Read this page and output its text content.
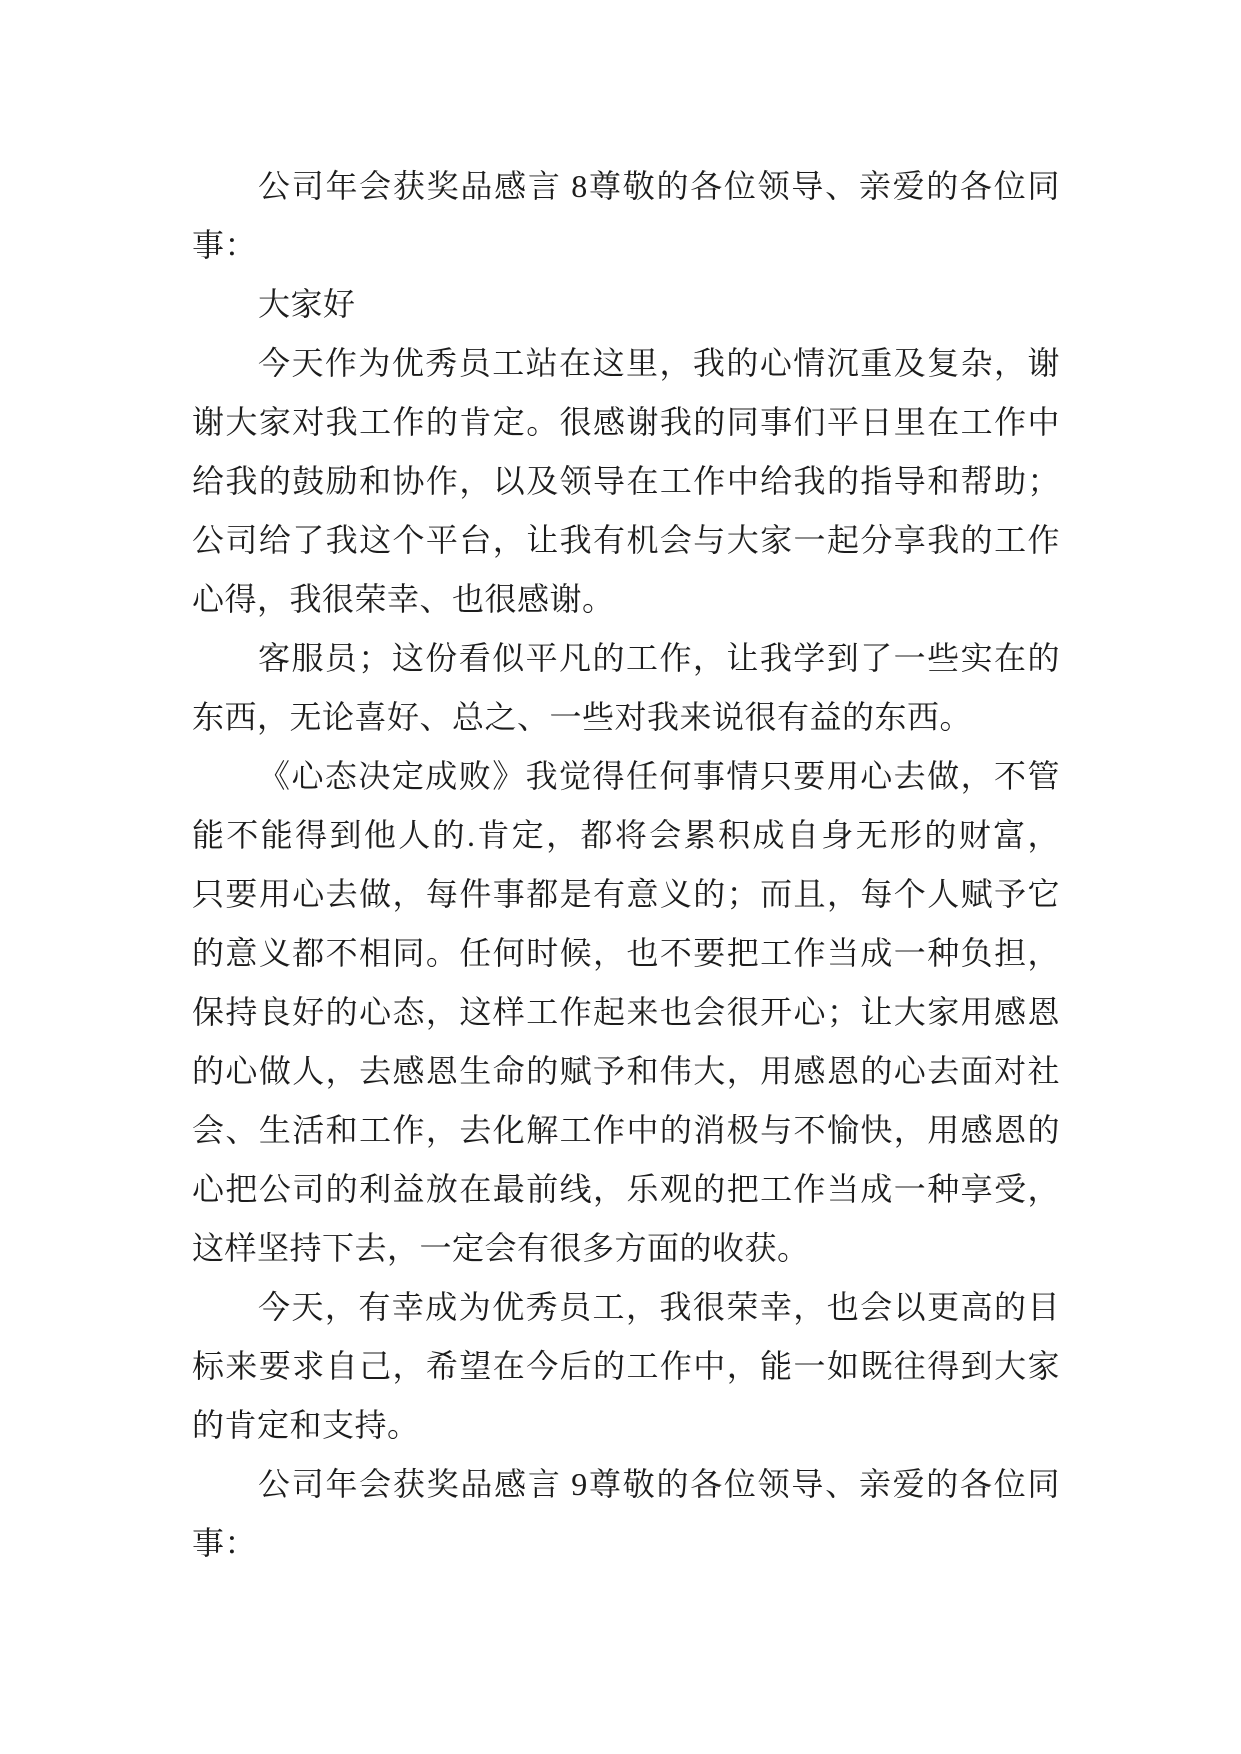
公司年会获奖品感言 8尊敬的各位领导、亲爱的各位同
事：
大家好
今天作为优秀员工站在这里，我的心情沉重及复杂，谢
谢大家对我工作的肯定。很感谢我的同事们平日里在工作中
给我的鼓励和协作，以及领导在工作中给我的指导和帮助；
公司给了我这个平台，让我有机会与大家一起分享我的工作
心得，我很荣幸、也很感谢。
客服员；这份看似平凡的工作，让我学到了一些实在的
东西，无论喜好、总之、一些对我来说很有益的东西。
《心态决定成败》我觉得任何事情只要用心去做，不管
能不能得到他人的.肯定，都将会累积成自身无形的财富，
只要用心去做，每件事都是有意义的；而且，每个人赋予它
的意义都不相同。任何时候，也不要把工作当成一种负担，
保持良好的心态，这样工作起来也会很开心；让大家用感恩
的心做人，去感恩生命的赋予和伟大，用感恩的心去面对社
会、生活和工作，去化解工作中的消极与不愉快，用感恩的
心把公司的利益放在最前线，乐观的把工作当成一种享受，
这样坚持下去，一定会有很多方面的收获。
今天，有幸成为优秀员工，我很荣幸，也会以更高的目
标来要求自己，希望在今后的工作中，能一如既往得到大家
的肯定和支持。
公司年会获奖品感言 9尊敬的各位领导、亲爱的各位同
事：
